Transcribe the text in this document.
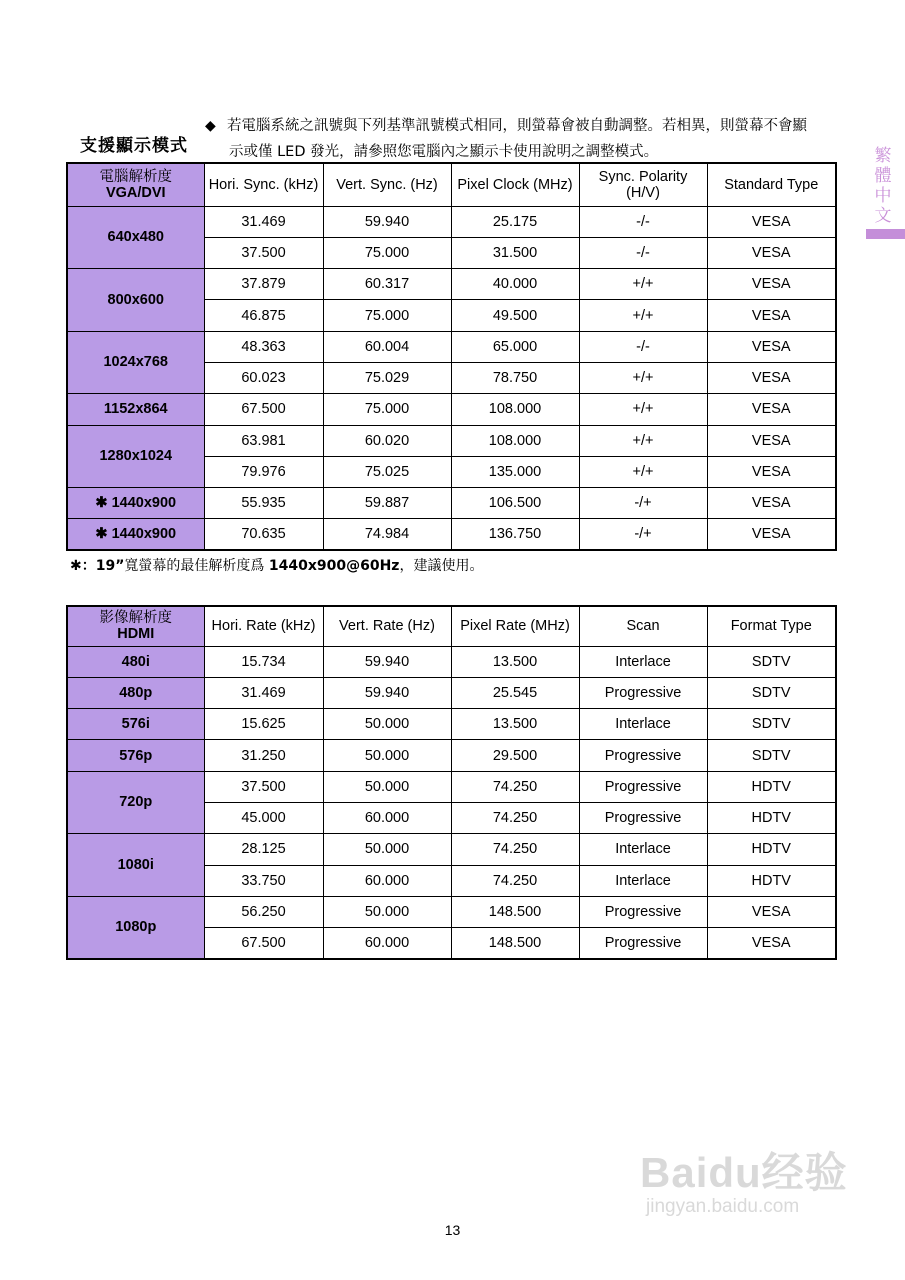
支援顯示模式
◆ 若電腦系統之訊號與下列基準訊號模式相同，則螢幕會被自動調整。若相異，則螢幕不會顯
示或僅 LED 發光，請參照您電腦內之顯示卡使用說明之調整模式。	繁
體
中
文
電腦解析度
VGA/DVI	Hori. Sync. (kHz)	Vert. Sync. (Hz)	Pixel Clock (MHz)	Sync. Polarity (H/V)	Standard Type
640x480	31.469	59.940	25.175	-/-	VESA
	37.500	75.000	31.500	-/-	VESA
800x600	37.879	60.317	40.000	+/+	VESA
	46.875	75.000	49.500	+/+	VESA
1024x768	48.363	60.004	65.000	-/-	VESA
	60.023	75.029	78.750	+/+	VESA
1152x864	67.500	75.000	108.000	+/+	VESA
1280x1024	63.981	60.020	108.000	+/+	VESA
	79.976	75.025	135.000	+/+	VESA
✱ 1440x900	55.935	59.887	106.500	-/+	VESA
✱ 1440x900	70.635	74.984	136.750	-/+	VESA
✱：19”寬螢幕的最佳解析度爲 1440x900@60Hz，建議使用。
影像解析度
HDMI	Hori. Rate (kHz)	Vert. Rate (Hz)	Pixel Rate (MHz)	Scan	Format Type
480i	15.734	59.940	13.500	Interlace	SDTV
480p	31.469	59.940	25.545	Progressive	SDTV
576i	15.625	50.000	13.500	Interlace	SDTV
576p	31.250	50.000	29.500	Progressive	SDTV
720p	37.500	50.000	74.250	Progressive	HDTV
	45.000	60.000	74.250	Progressive	HDTV
1080i	28.125	50.000	74.250	Interlace	HDTV
	33.750	60.000	74.250	Interlace	HDTV
1080p	56.250	50.000	148.500	Progressive	VESA
	67.500	60.000	148.500	Progressive	VESA
13
Baidu经验
jingyan.baidu.com
